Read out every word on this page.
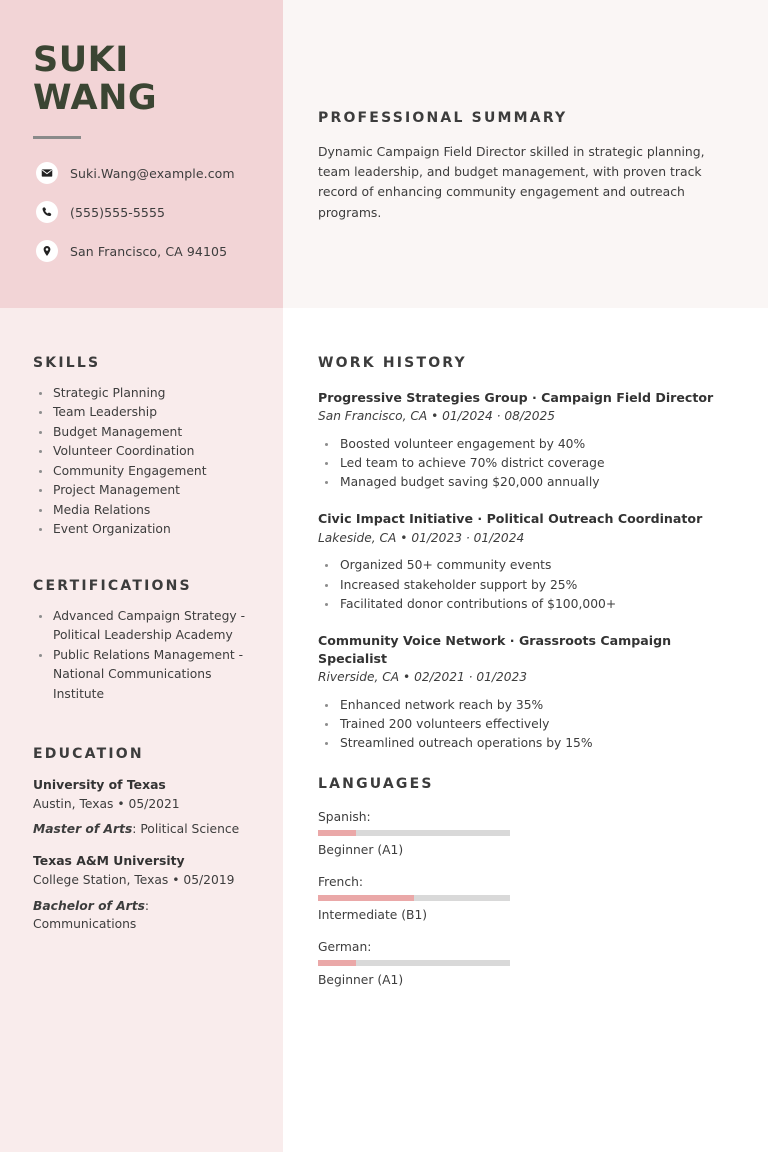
SUKI
WANG
Suki.Wang@example.com
(555)555-5555
San Francisco, CA 94105
PROFESSIONAL SUMMARY
Dynamic Campaign Field Director skilled in strategic planning, team leadership, and budget management, with proven track record of enhancing community engagement and outreach programs.
SKILLS
Strategic Planning
Team Leadership
Budget Management
Volunteer Coordination
Community Engagement
Project Management
Media Relations
Event Organization
CERTIFICATIONS
Advanced Campaign Strategy - Political Leadership Academy
Public Relations Management - National Communications Institute
EDUCATION
University of Texas
Austin, Texas • 05/2021
Master of Arts: Political Science
Texas A&M University
College Station, Texas • 05/2019
Bachelor of Arts: Communications
WORK HISTORY
Progressive Strategies Group · Campaign Field Director
San Francisco, CA • 01/2024 · 08/2025
Boosted volunteer engagement by 40%
Led team to achieve 70% district coverage
Managed budget saving $20,000 annually
Civic Impact Initiative · Political Outreach Coordinator
Lakeside, CA • 01/2023 · 01/2024
Organized 50+ community events
Increased stakeholder support by 25%
Facilitated donor contributions of $100,000+
Community Voice Network · Grassroots Campaign Specialist
Riverside, CA • 02/2021 · 01/2023
Enhanced network reach by 35%
Trained 200 volunteers effectively
Streamlined outreach operations by 15%
LANGUAGES
Spanish:
Beginner (A1)
French:
Intermediate (B1)
German:
Beginner (A1)
